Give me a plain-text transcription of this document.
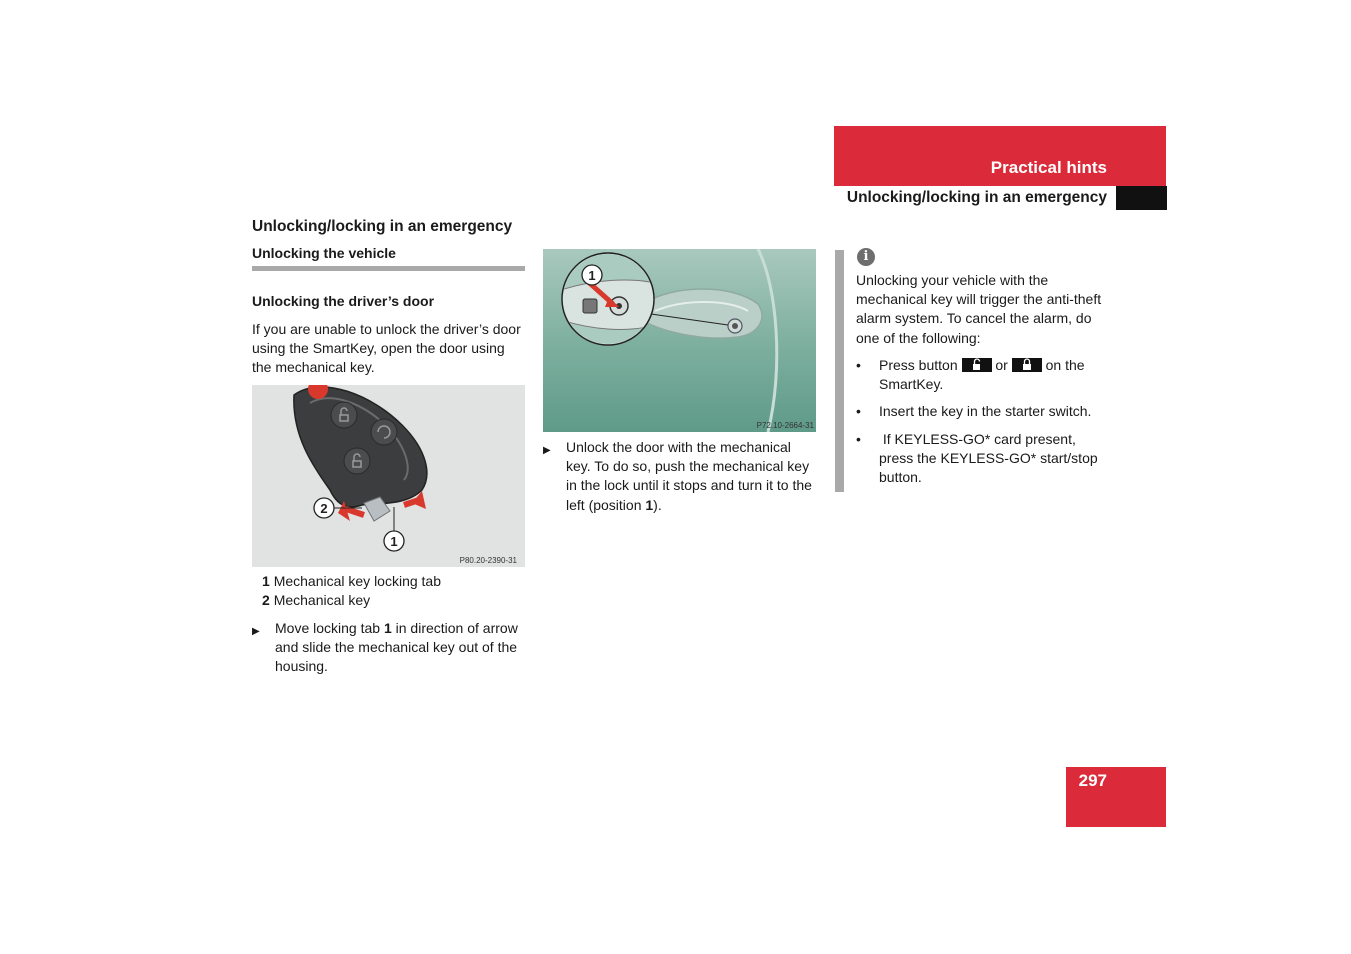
Practical hints
Unlocking/locking in an emergency
Unlocking/locking in an emergency
Unlocking the vehicle
Unlocking the driver’s door
If you are unable to unlock the driver’s door using the SmartKey, open the door using the mechanical key.
2
1
P80.20-2390-31
1 Mechanical key locking tab
2 Mechanical key
▶	Move locking tab 1 in direction of arrow and slide the mechanical key out of the housing.
1
P72.10-2664-31
▶	Unlock the door with the mechanical key. To do so, push the mechanical key in the lock until it stops and turn it to the left (position 1).
i
Unlocking your vehicle with the mechanical key will trigger the anti-theft alarm system. To cancel the alarm, do one of the following:
•	Press button
or
on the SmartKey.
•	Insert the key in the starter switch.
•	If KEYLESS-GO* card present, press the KEYLESS-GO* start/stop button.
297
